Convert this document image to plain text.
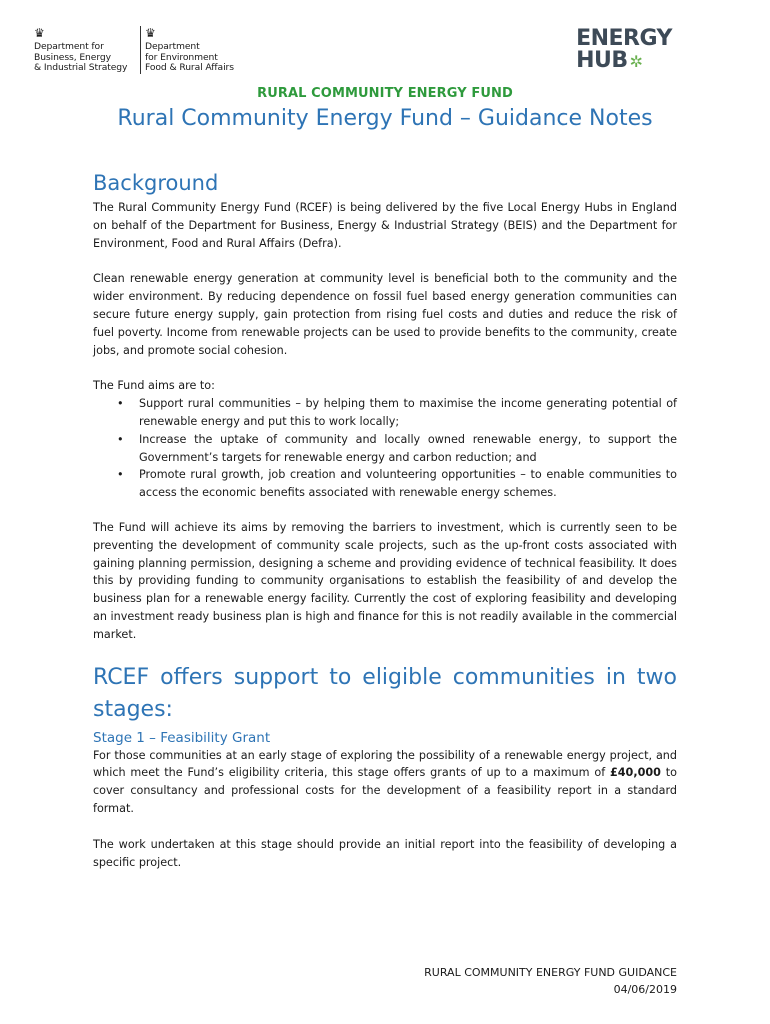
♛
Department for
Business, Energy
& Industrial Strategy
♛
Department
for Environment
Food & Rural Affairs
ENERGY
HUB ✲
RURAL COMMUNITY ENERGY FUND
Rural Community Energy Fund – Guidance Notes
Background

The Rural Community Energy Fund (RCEF) is being delivered by the five Local Energy Hubs in England on behalf of the Department for Business, Energy & Industrial Strategy (BEIS) and the Department for Environment, Food and Rural Affairs (Defra).

Clean renewable energy generation at community level is beneficial both to the community and the wider environment. By reducing dependence on fossil fuel based energy generation communities can secure future energy supply, gain protection from rising fuel costs and duties and reduce the risk of fuel poverty. Income from renewable projects can be used to provide benefits to the community, create jobs, and promote social cohesion.

The Fund aims are to:
• Support rural communities – by helping them to maximise the income generating potential of renewable energy and put this to work locally;
• Increase the uptake of community and locally owned renewable energy, to support the Government’s targets for renewable energy and carbon reduction; and
• Promote rural growth, job creation and volunteering opportunities – to enable communities to access the economic benefits associated with renewable energy schemes.

The Fund will achieve its aims by removing the barriers to investment, which is currently seen to be preventing the development of community scale projects, such as the up-front costs associated with gaining planning permission, designing a scheme and providing evidence of technical feasibility. It does this by providing funding to community organisations to establish the feasibility of and develop the business plan for a renewable energy facility. Currently the cost of exploring feasibility and developing an investment ready business plan is high and finance for this is not readily available in the commercial market.

RCEF offers support to eligible communities in two stages:
Stage 1 – Feasibility Grant

For those communities at an early stage of exploring the possibility of a renewable energy project, and which meet the Fund’s eligibility criteria, this stage offers grants of up to a maximum of £40,000 to cover consultancy and professional costs for the development of a feasibility report in a standard format.

The work undertaken at this stage should provide an initial report into the feasibility of developing a specific project.

RURAL COMMUNITY ENERGY FUND GUIDANCE
04/06/2019
